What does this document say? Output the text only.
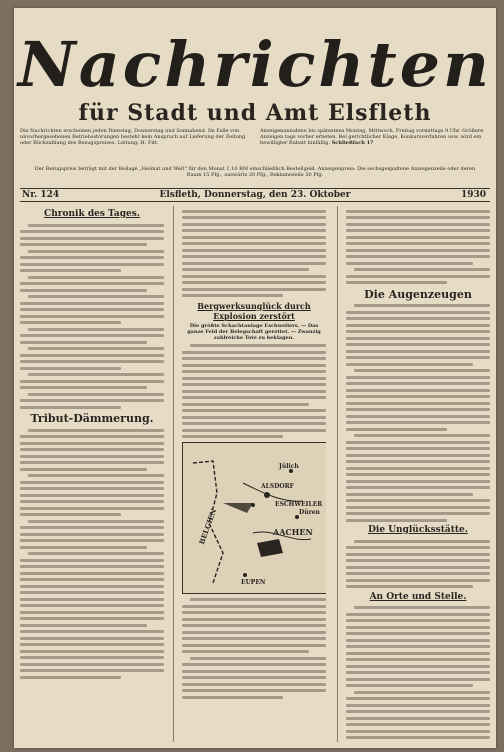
Nachrichten
für Stadt und Amt Elsfleth
Die Nachrichten erscheinen jeden Dienstag, Donnerstag und Sonnabend. Im Falle von unvorhergesehenen Betriebsstörungen besteht kein Anspruch auf Lieferung der Zeitung oder Rückzahlung des Bezugspreises. Leitung: H. Fitt.
Anzeigenannahme bis spätestens Montag, Mittwoch, Freitag vormittags 9 Uhr. Größere Anzeigen tags vorher erbeten. Bei gerichtlicher Klage, Konkursverfahren usw. wird ein bewilligter Rabatt hinfällig. Schließfach 17
Der Bezugspreis beträgt mit der Beilage „Heimat und Welt" für den Monat 1.10 RM einschließlich Bestellgeld. Anzeigenpreis: Die sechsgespaltene Anzeigenzeile oder deren Raum 15 Pfg., auswärts 20 Pfg., Reklamezeile 50 Pfg.
Nr. 124	Elsfleth, Donnerstag, den 23. Oktober	1930
Chronik des Tages.
Tribut-Dämmerung.
Bergwerksunglück durch Explosion zerstört
Die größte Schachtanlage Eschweilers. — Das ganze Feld der Belegschaft gerettet. — Zwanzig zahlreiche Tote zu beklagen.
Jülich
ALSDORF
ESCHWEILER
AACHEN
BELGIEN	Düren
EUPEN
Die Augenzeugen
Die Unglücksstätte.
An Orte und Stelle.
